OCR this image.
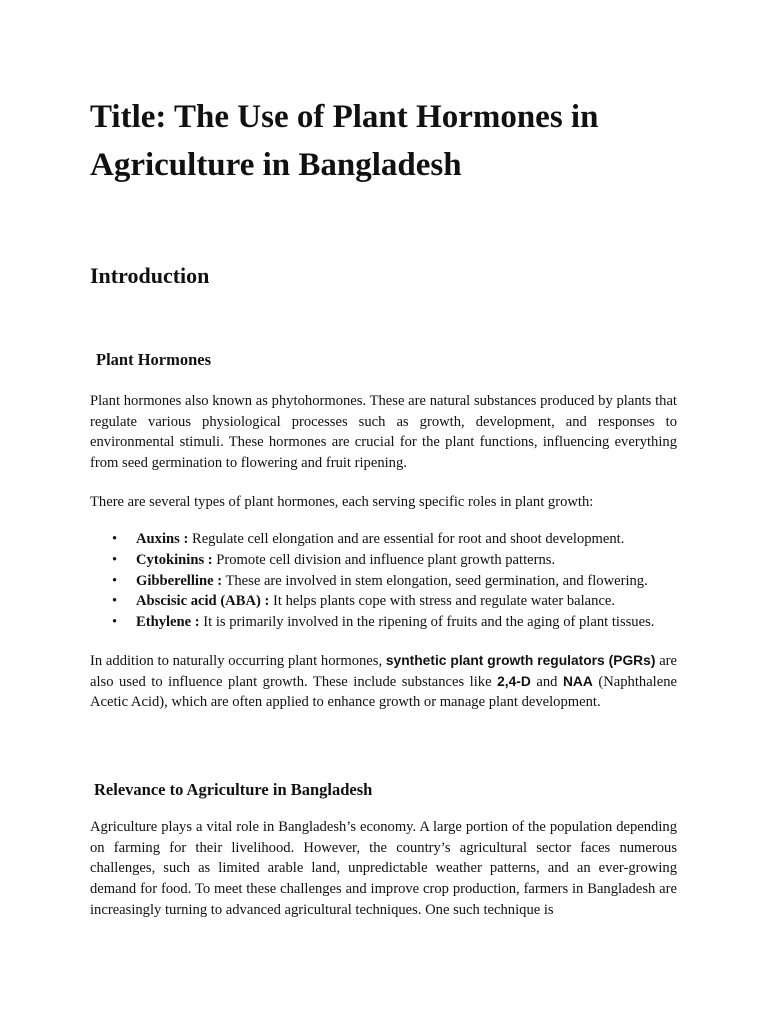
Title: The Use of Plant Hormones in Agriculture in Bangladesh
Introduction
Plant Hormones

Plant hormones also known as phytohormones. These are natural substances produced by plants that regulate various physiological processes such as growth, development, and responses to environmental stimuli. These hormones are crucial for the plant functions, influencing everything from seed germination to flowering and fruit ripening.

There are several types of plant hormones, each serving specific roles in plant growth:

• Auxins : Regulate cell elongation and are essential for root and shoot development.
• Cytokinins : Promote cell division and influence plant growth patterns.
• Gibberelline : These are involved in stem elongation, seed germination, and flowering.
• Abscisic acid (ABA) : It helps plants cope with stress and regulate water balance.
• Ethylene : It is primarily involved in the ripening of fruits and the aging of plant tissues.

In addition to naturally occurring plant hormones, synthetic plant growth regulators (PGRs) are also used to influence plant growth. These include substances like 2,4-D and NAA (Naphthalene Acetic Acid), which are often applied to enhance growth or manage plant development.

Relevance to Agriculture in Bangladesh

Agriculture plays a vital role in Bangladesh’s economy. A large portion of the population depending on farming for their livelihood. However, the country’s agricultural sector faces numerous challenges, such as limited arable land, unpredictable weather patterns, and an ever-growing demand for food. To meet these challenges and improve crop production, farmers in Bangladesh are increasingly turning to advanced agricultural techniques. One such technique is
